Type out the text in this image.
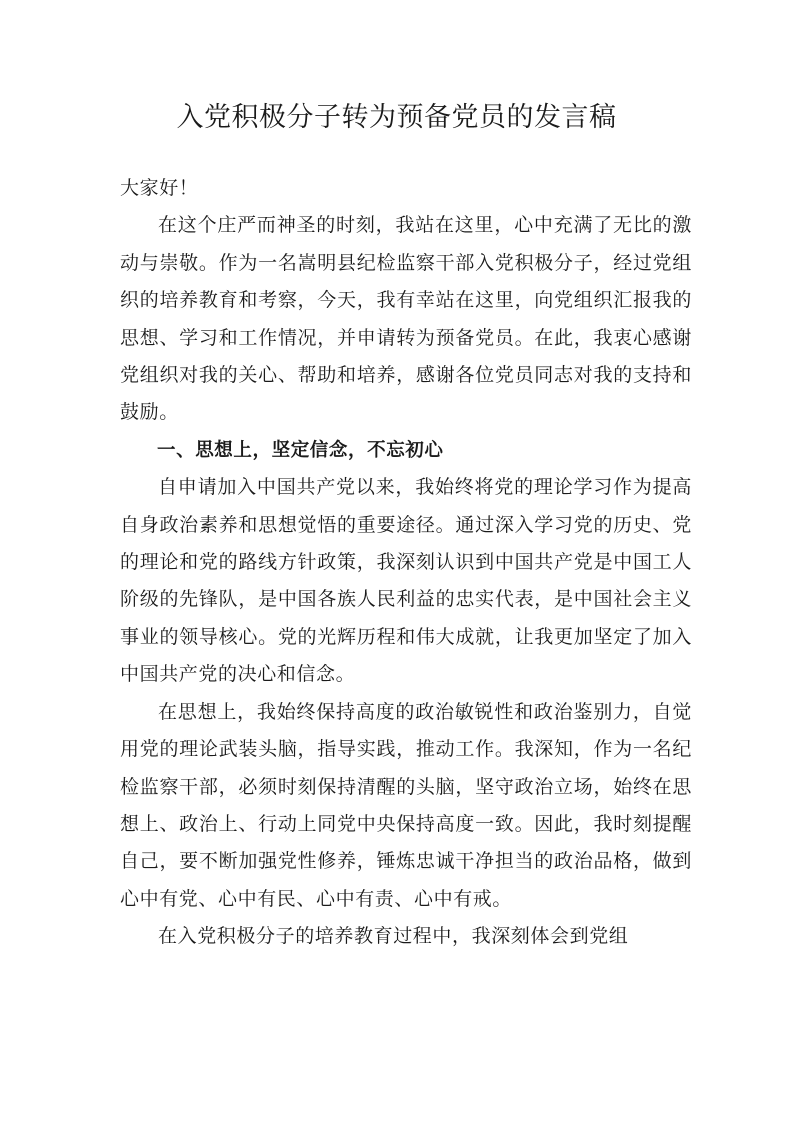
入党积极分子转为预备党员的发言稿

大家好！

在这个庄严而神圣的时刻，我站在这里，心中充满了无比的激动与崇敬。作为一名嵩明县纪检监察干部入党积极分子，经过党组织的培养教育和考察，今天，我有幸站在这里，向党组织汇报我的思想、学习和工作情况，并申请转为预备党员。在此，我衷心感谢党组织对我的关心、帮助和培养，感谢各位党员同志对我的支持和鼓励。

一、思想上，坚定信念，不忘初心

自申请加入中国共产党以来，我始终将党的理论学习作为提高自身政治素养和思想觉悟的重要途径。通过深入学习党的历史、党的理论和党的路线方针政策，我深刻认识到中国共产党是中国工人阶级的先锋队，是中国各族人民利益的忠实代表，是中国社会主义事业的领导核心。党的光辉历程和伟大成就，让我更加坚定了加入中国共产党的决心和信念。

在思想上，我始终保持高度的政治敏锐性和政治鉴别力，自觉用党的理论武装头脑，指导实践，推动工作。我深知，作为一名纪检监察干部，必须时刻保持清醒的头脑，坚守政治立场，始终在思想上、政治上、行动上同党中央保持高度一致。因此，我时刻提醒自己，要不断加强党性修养，锤炼忠诚干净担当的政治品格，做到心中有党、心中有民、心中有责、心中有戒。

在入党积极分子的培养教育过程中，我深刻体会到党组
